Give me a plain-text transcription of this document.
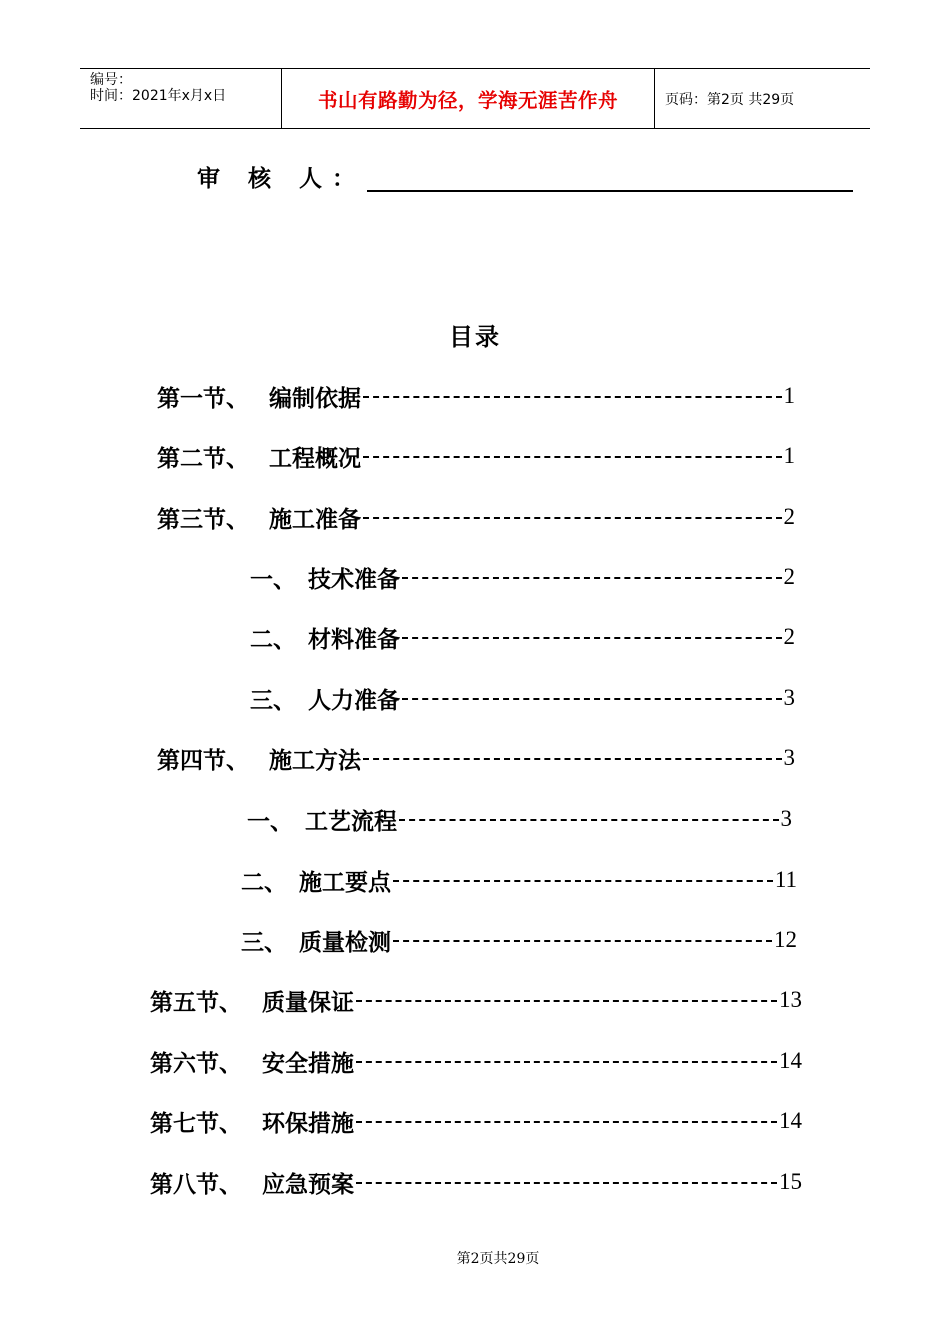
编号：
时间：2021年x月x日	书山有路勤为径，学海无涯苦作舟	页码：第2页 共29页
审 核 人：
目录
第一节、 编制依据	1
第二节、 工程概况	1
第三节、 施工准备	2
一、 技术准备	2
二、 材料准备	2
三、 人力准备	3
第四节、 施工方法	3
一、 工艺流程	3
二、 施工要点	11
三、 质量检测	12
第五节、 质量保证	13
第六节、 安全措施	14
第七节、 环保措施	14
第八节、 应急预案	15
第2页共29页
